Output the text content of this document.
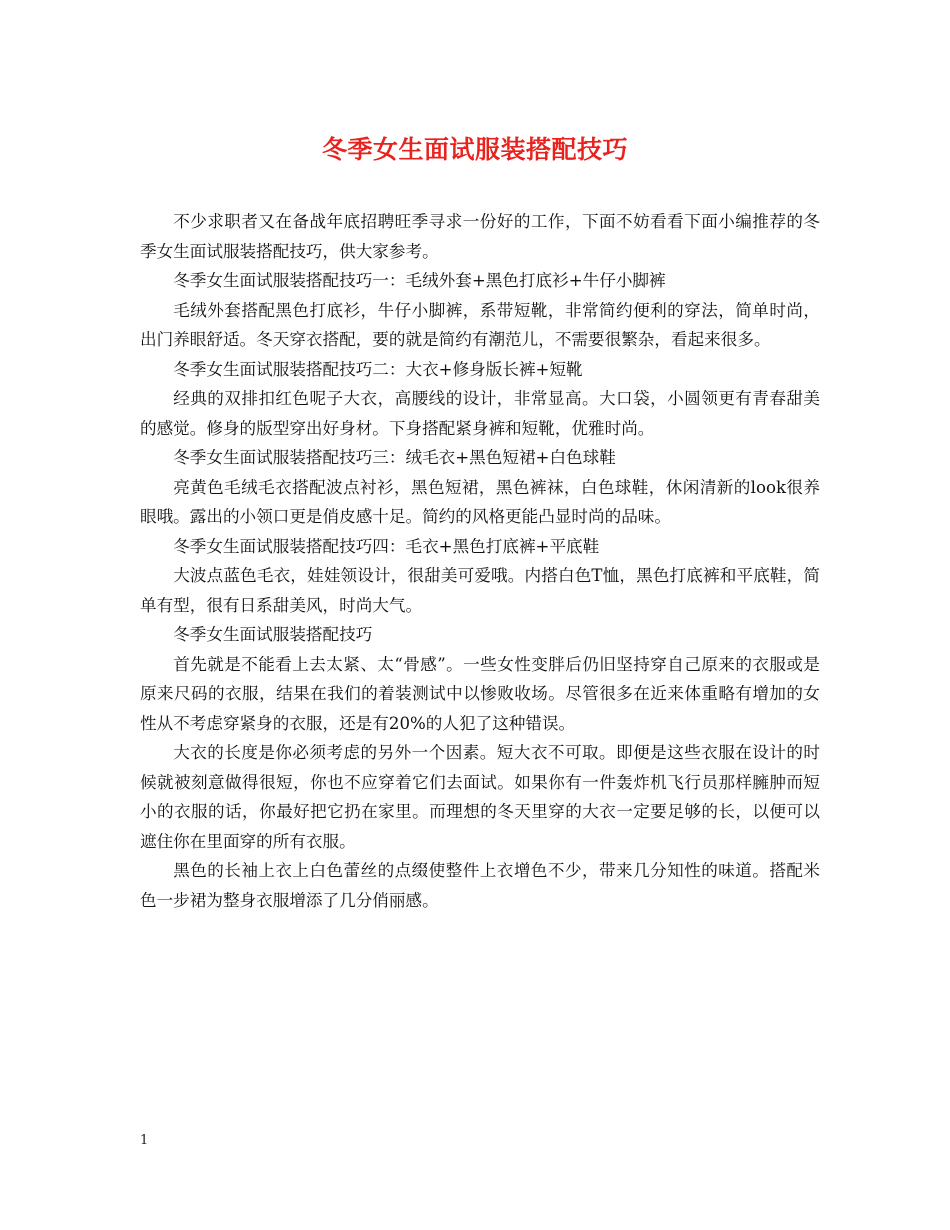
冬季女生面试服装搭配技巧

不少求职者又在备战年底招聘旺季寻求一份好的工作，下面不妨看看下面小编推荐的冬季女生面试服装搭配技巧，供大家参考。

冬季女生面试服装搭配技巧一：毛绒外套+黑色打底衫+牛仔小脚裤

毛绒外套搭配黑色打底衫，牛仔小脚裤，系带短靴，非常简约便利的穿法，简单时尚，出门养眼舒适。冬天穿衣搭配，要的就是简约有潮范儿，不需要很繁杂，看起来很多。

冬季女生面试服装搭配技巧二：大衣+修身版长裤+短靴

经典的双排扣红色呢子大衣，高腰线的设计，非常显高。大口袋，小圆领更有青春甜美的感觉。修身的版型穿出好身材。下身搭配紧身裤和短靴，优雅时尚。

冬季女生面试服装搭配技巧三：绒毛衣+黑色短裙+白色球鞋

亮黄色毛绒毛衣搭配波点衬衫，黑色短裙，黑色裤袜，白色球鞋，休闲清新的look很养眼哦。露出的小领口更是俏皮感十足。简约的风格更能凸显时尚的品味。

冬季女生面试服装搭配技巧四：毛衣+黑色打底裤+平底鞋

大波点蓝色毛衣，娃娃领设计，很甜美可爱哦。内搭白色T恤，黑色打底裤和平底鞋，简单有型，很有日系甜美风，时尚大气。

冬季女生面试服装搭配技巧

首先就是不能看上去太紧、太“骨感”。一些女性变胖后仍旧坚持穿自己原来的衣服或是原来尺码的衣服，结果在我们的着装测试中以惨败收场。尽管很多在近来体重略有增加的女性从不考虑穿紧身的衣服，还是有20%的人犯了这种错误。

大衣的长度是你必须考虑的另外一个因素。短大衣不可取。即便是这些衣服在设计的时候就被刻意做得很短，你也不应穿着它们去面试。如果你有一件轰炸机飞行员那样臃肿而短小的衣服的话，你最好把它扔在家里。而理想的冬天里穿的大衣一定要足够的长，以便可以遮住你在里面穿的所有衣服。

黑色的长袖上衣上白色蕾丝的点缀使整件上衣增色不少，带来几分知性的味道。搭配米色一步裙为整身衣服增添了几分俏丽感。

1
